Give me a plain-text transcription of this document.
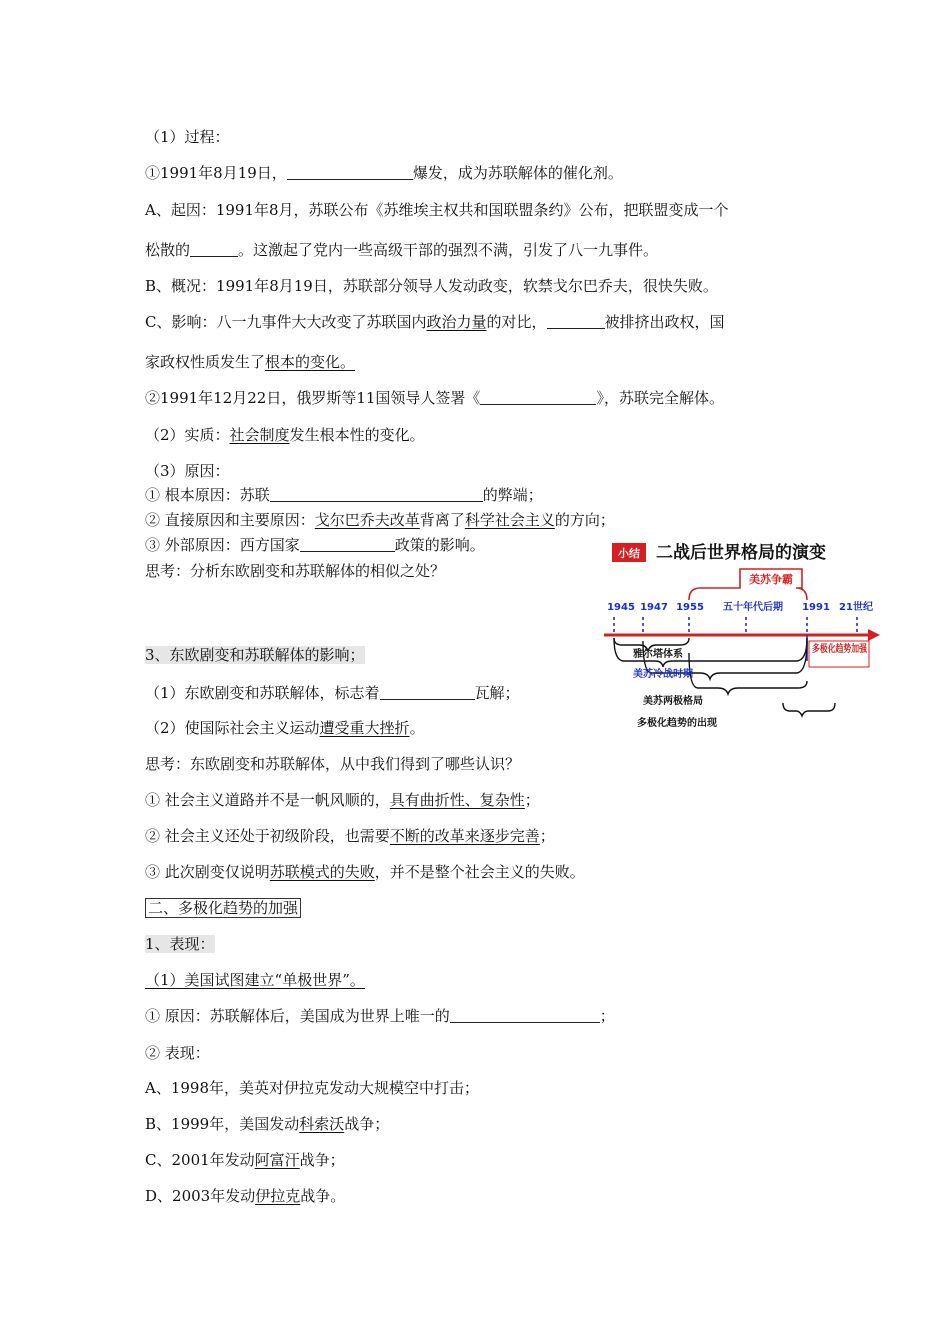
（1）过程：
①1991年8月19日，	爆发，成为苏联解体的催化剂。
A、起因：1991年8月，苏联公布《苏维埃主权共和国联盟条约》公布，把联盟变成一个
松散的	。这激起了党内一些高级干部的强烈不满，引发了八一九事件。
B、概况：1991年8月19日，苏联部分领导人发动政变，软禁戈尔巴乔夫，很快失败。
C、影响：八一九事件大大改变了苏联国内政治力量的对比，	被排挤出政权，国
家政权性质发生了根本的变化。
②1991年12月22日，俄罗斯等11国领导人签署《	》，苏联完全解体。
（2）实质：社会制度发生根本性的变化。
（3）原因：
① 根本原因：苏联	的弊端；
② 直接原因和主要原因：戈尔巴乔夫改革背离了科学社会主义的方向；
③ 外部原因：西方国家	政策的影响。
思考：分析东欧剧变和苏联解体的相似之处？
3、东欧剧变和苏联解体的影响；
（1）东欧剧变和苏联解体，标志着	瓦解；
（2）使国际社会主义运动遭受重大挫折。
思考：东欧剧变和苏联解体，从中我们得到了哪些认识？
① 社会主义道路并不是一帆风顺的，具有曲折性、复杂性；
② 社会主义还处于初级阶段，也需要不断的改革来逐步完善；
③ 此次剧变仅说明苏联模式的失败，并不是整个社会主义的失败。
二、多极化趋势的加强
1、表现：
（1）美国试图建立“单极世界”。
① 原因：苏联解体后，美国成为世界上唯一的	；
② 表现：
A、1998年，美英对伊拉克发动大规模空中打击；
B、1999年，美国发动科索沃战争；
C、2001年发动阿富汗战争；
D、2003年发动伊拉克战争。
小结 二战后世界格局的演变
美苏争霸
1945 1947 1955 五十年代后期 1991 21世纪
多极化趋势加强
雅尔塔体系
美苏冷战时期
美苏两极格局
多极化趋势的出现
